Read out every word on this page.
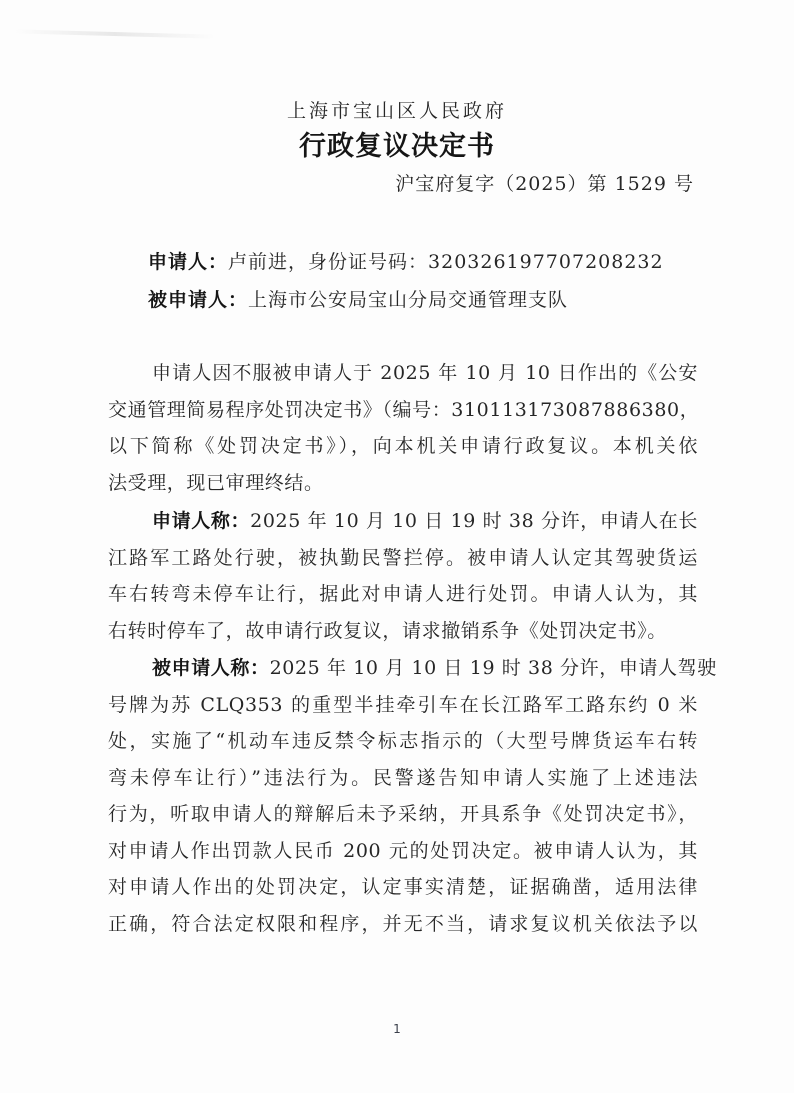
上海市宝山区人民政府
行政复议决定书
沪宝府复字（2025）第 1529 号
申请人：卢前进，身份证号码：320326197707208232
被申请人：上海市公安局宝山分局交通管理支队
申请人因不服被申请人于 2025 年 10 月 10 日作出的《公安
交通管理简易程序处罚决定书》（编号：310113173087886380，
以下简称《处罚决定书》），向本机关申请行政复议。本机关依
法受理，现已审理终结。
申请人称：2025 年 10 月 10 日 19 时 38 分许，申请人在长
江路军工路处行驶，被执勤民警拦停。被申请人认定其驾驶货运
车右转弯未停车让行，据此对申请人进行处罚。申请人认为，其
右转时停车了，故申请行政复议，请求撤销系争《处罚决定书》。
被申请人称：2025 年 10 月 10 日 19 时 38 分许，申请人驾驶
号牌为苏 CLQ353 的重型半挂牵引车在长江路军工路东约 0 米
处，实施了“机动车违反禁令标志指示的（大型号牌货运车右转
弯未停车让行）”违法行为。民警遂告知申请人实施了上述违法
行为，听取申请人的辩解后未予采纳，开具系争《处罚决定书》，
对申请人作出罚款人民币 200 元的处罚决定。被申请人认为，其
对申请人作出的处罚决定，认定事实清楚，证据确凿，适用法律
正确，符合法定权限和程序，并无不当，请求复议机关依法予以
1
